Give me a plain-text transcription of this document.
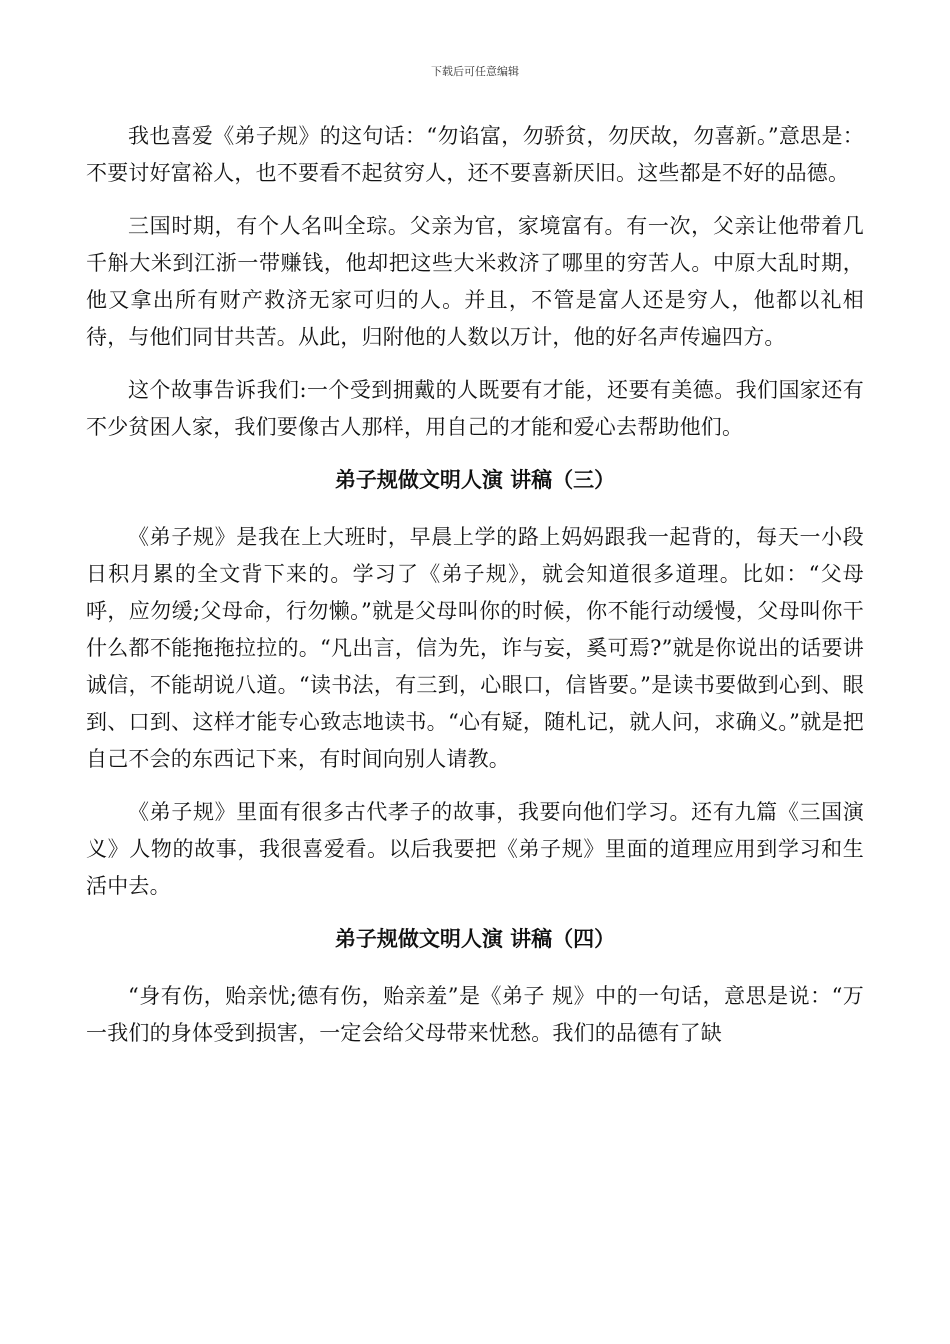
下载后可任意编辑

我也喜爱《弟子规》的这句话：“勿谄富，勿骄贫，勿厌故，勿喜新。”意思是：不要讨好富裕人，也不要看不起贫穷人，还不要喜新厌旧。这些都是不好的品德。

三国时期，有个人名叫全琮。父亲为官，家境富有。有一次，父亲让他带着几千斛大米到江浙一带赚钱，他却把这些大米救济了哪里的穷苦人。中原大乱时期，他又拿出所有财产救济无家可归的人。并且，不管是富人还是穷人，他都以礼相待，与他们同甘共苦。从此，归附他的人数以万计，他的好名声传遍四方。

这个故事告诉我们:一个受到拥戴的人既要有才能，还要有美德。我们国家还有不少贫困人家，我们要像古人那样，用自己的才能和爱心去帮助他们。

弟子规做文明人演 讲稿（三）

《弟子规》是我在上大班时，早晨上学的路上妈妈跟我一起背的，每天一小段日积月累的全文背下来的。学习了《弟子规》，就会知道很多道理。比如：“父母呼，应勿缓;父母命，行勿懒。”就是父母叫你的时候，你不能行动缓慢，父母叫你干什么都不能拖拖拉拉的。“凡出言，信为先，诈与妄，奚可焉?”就是你说出的话要讲诚信，不能胡说八道。“读书法，有三到，心眼口，信皆要。”是读书要做到心到、眼到、口到、这样才能专心致志地读书。“心有疑，随札记，就人问，求确义。”就是把自己不会的东西记下来，有时间向别人请教。

《弟子规》里面有很多古代孝子的故事，我要向他们学习。还有九篇《三国演义》人物的故事，我很喜爱看。以后我要把《弟子规》里面的道理应用到学习和生活中去。

弟子规做文明人演 讲稿（四）

“身有伤，贻亲忧;德有伤，贻亲羞”是《弟子 规》中的一句话，意思是说：“万一我们的身体受到损害，一定会给父母带来忧愁。我们的品德有了缺
